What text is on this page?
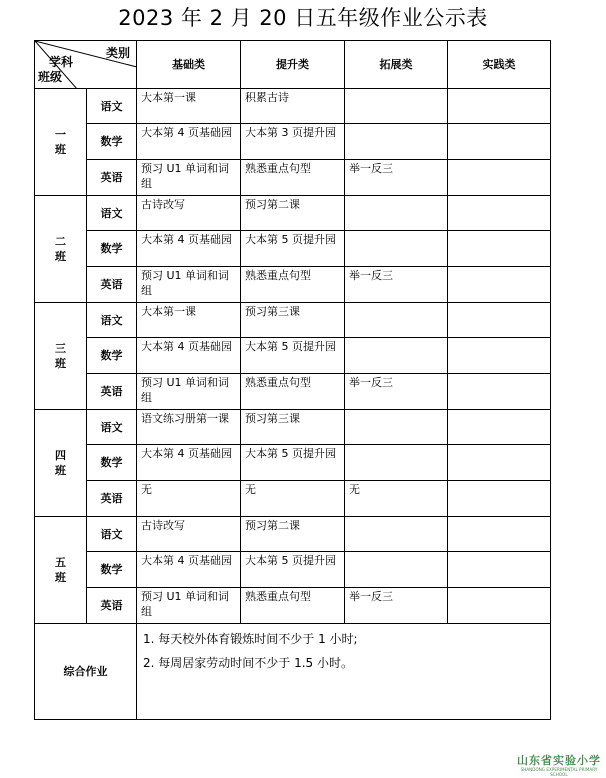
2023 年 2 月 20 日五年级作业公示表
类别
学科
班级		基础类	提升类	拓展类	实践类

一
班	语文	大本第一课	积累古诗		
	数学	大本第 4 页基础园	大本第 3 页提升园		
	英语	预习 U1 单词和词组	熟悉重点句型	举一反三	

二
班	语文	古诗改写	预习第二课		
	数学	大本第 4 页基础园	大本第 5 页提升园		
	英语	预习 U1 单词和词组	熟悉重点句型	举一反三	

三
班	语文	大本第一课	预习第三课		
	数学	大本第 4 页基础园	大本第 5 页提升园		
	英语	预习 U1 单词和词组	熟悉重点句型	举一反三	

四
班	语文	语文练习册第一课	预习第三课		
	数学	大本第 4 页基础园	大本第 5 页提升园		
	英语	无	无	无	

五
班	语文	古诗改写	预习第二课		
	数学	大本第 4 页基础园	大本第 5 页提升园		
	英语	预习 U1 单词和词组	熟悉重点句型	举一反三	
综合作业		1. 每天校外体育锻炼时间不少于 1 小时;
2. 每周居家劳动时间不少于 1.5 小时。			
山东省实验小学
SHANDONG EXPERIMENTAL PRIMARY SCHOOL
